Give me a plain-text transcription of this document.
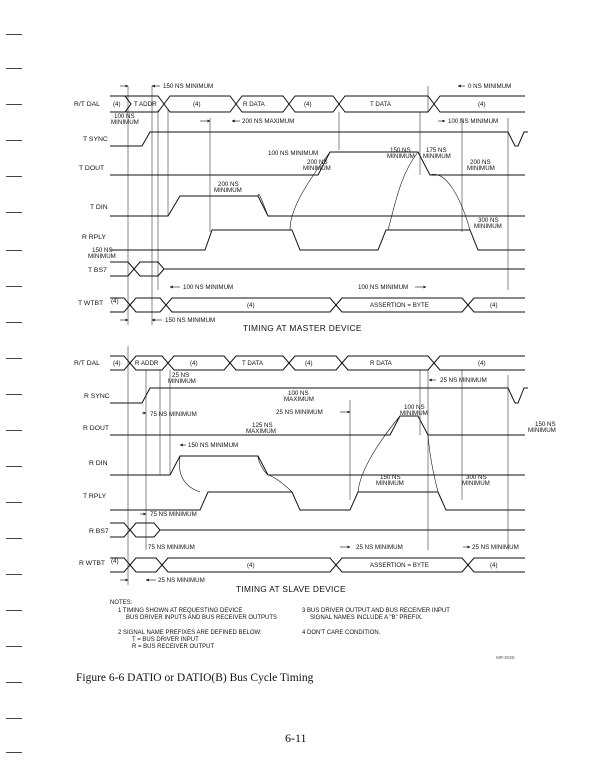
R/T DAL
T SYNC
T DOUT
T DIN
R RPLY
T BS7
T WTBT
(4) T ADDR	(4)	R DATA	(4)	T DATA	(4)
(4)
(4)	ASSERTION = BYTE	(4)
150 NS MINIMUM	0 NS MINIMUM
100 NS
MINIMUM	200 NS MAXIMUM	100 NS MINIMUM
100 NS MINIMUM
200 NS
MINIMUM
150 NS
MINIMUM
175 NS
MINIMUM
200 NS
MINIMUM
200 NS
MINIMUM
300 NS
MINIMUM
150 NS
MINIMUM
100 NS MINIMUM	100 NS MINIMUM
150 NS MINIMUM
TIMING AT MASTER DEVICE
R/T DAL
R SYNC
R DOUT
R DIN
T RPLY
R BS7
R WTBT
(4) R ADDR	(4)	T DATA	(4)	R DATA	(4)
(4)
(4)	ASSERTION = BYTE	(4)
25 NS
MINIMUM	25 NS MINIMUM
100 NS
MAXIMUM
75 NS MINIMUM	25 NS MINIMUM
100 NS
MINIMUM
125 NS
MAXIMUM
150 NS
MINIMUM
150 NS MINIMUM
150 NS
MINIMUM
300 NS
MINIMUM
75 NS MINIMUM
75 NS MINIMUM	25 NS MINIMUM	25 NS MINIMUM
25 NS MINIMUM
TIMING AT SLAVE DEVICE
NOTES:
1 TIMING SHOWN AT REQUESTING DEVICE
BUS DRIVER INPUTS AND BUS RECEIVER OUTPUTS
2 SIGNAL NAME PREFIXES ARE DEFINED BELOW:
T = BUS DRIVER INPUT
R = BUS RECEIVER OUTPUT
3 BUS DRIVER OUTPUT AND BUS RECEIVER INPUT
SIGNAL NAMES INCLUDE A "B" PREFIX.
4 DON'T CARE CONDITION.
MR-6026
Figure 6-6 DATIO or DATIO(B) Bus Cycle Timing
6-11
